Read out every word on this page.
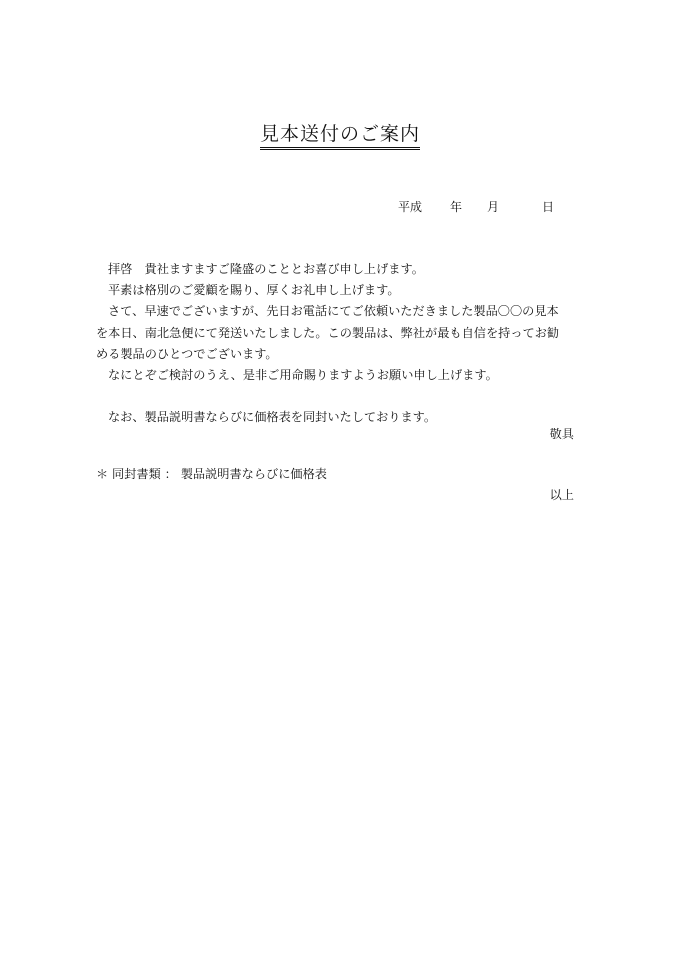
見本送付のご案内
平成 年 月	日

拝啓　貴社ますますご隆盛のこととお喜び申し上げます。

平素は格別のご愛顧を賜り、厚くお礼申し上げます。

さて、早速でございますが、先日お電話にてご依頼いただきました製品〇〇の見本

を本日、南北急便にて発送いたしました。この製品は、弊社が最も自信を持ってお勧

める製品のひとつでございます。

なにとぞご検討のうえ、是非ご用命賜りますようお願い申し上げます。

なお、製品説明書ならびに価格表を同封いたしております。

敬具
＊ 同封書類 ： 製品説明書ならびに価格表
以上
